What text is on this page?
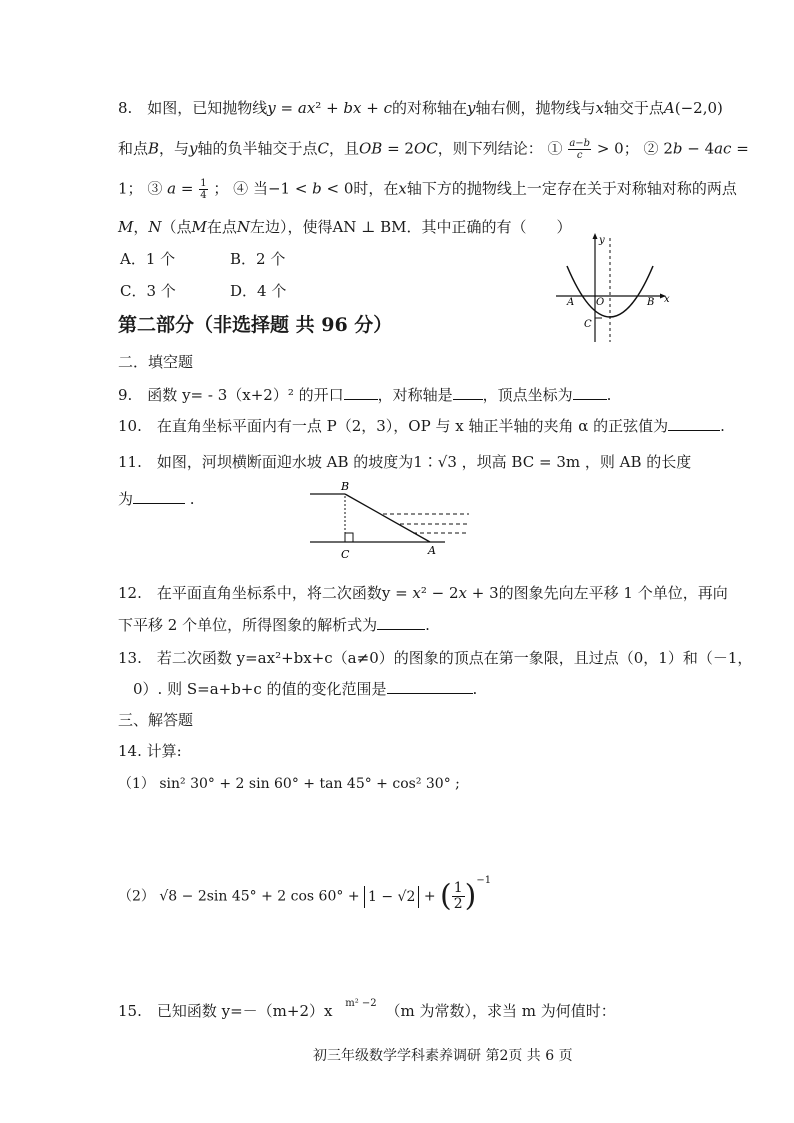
8.　如图，已知抛物线𝑦 = 𝑎𝑥² + 𝑏𝑥 + 𝑐的对称轴在𝑦轴右侧，抛物线与𝑥轴交于点𝐴(−2,0)
和点𝐵，与𝑦轴的负半轴交于点𝐶，且𝑂𝐵 = 2𝑂𝐶，则下列结论： ① $\frac{a-b}{c} > 0$； ② 2𝑏 − 4𝑎𝑐 =
1； ③ 𝑎 = $\frac{1}{4}$ ； ④ 当−1 < 𝑏 < 0时，在𝑥轴下方的抛物线上一定存在关于对称轴对称的两点
𝑀，𝑁（点𝑀在点𝑁左边），使得AN ⊥ BM．其中正确的有（　　）
A．1 个	B．2 个
C．3 个	D．4 个
y
x
A O	B
C
第二部分（非选择题 共 96 分）
二．填空题
9.　函数 y= - 3（x+2）² 的开口 ，对称轴是 ，顶点坐标为 .
10.　在直角坐标平面内有一点 P（2，3），OP 与 x 轴正半轴的夹角 α 的正弦值为	.
11.　如图，河坝横断面迎水坡 AB 的坡度为1∶√3 ，坝高 BC = 3m ，则 AB 的长度
为	.
B
C	A
12.　在平面直角坐标系中，将二次函数y = 𝑥² − 2𝑥 + 3的图象先向左平移 1 个单位，再向
下平移 2 个单位，所得图象的解析式为	.
13.　若二次函数 y=ax²+bx+c（a≠0）的图象的顶点在第一象限，且过点（0，1）和（－1，
0）. 则 S=a+b+c 的值的变化范围是	.
三、解答题
14. 计算:
（1） sin² 30° + 2 sin 60° + tan 45° + cos² 30° ;
（2） √8 − 2sin 45° + 2 cos 60° + 1 − √2 + ( $\frac{1}{2} )^{-1}$
15.　已知函数 y=－（m+2）x $^{m^2 -2}$ （m 为常数），求当 m 为何值时：
初三年级数学学科素养调研 第2页 共 6 页
